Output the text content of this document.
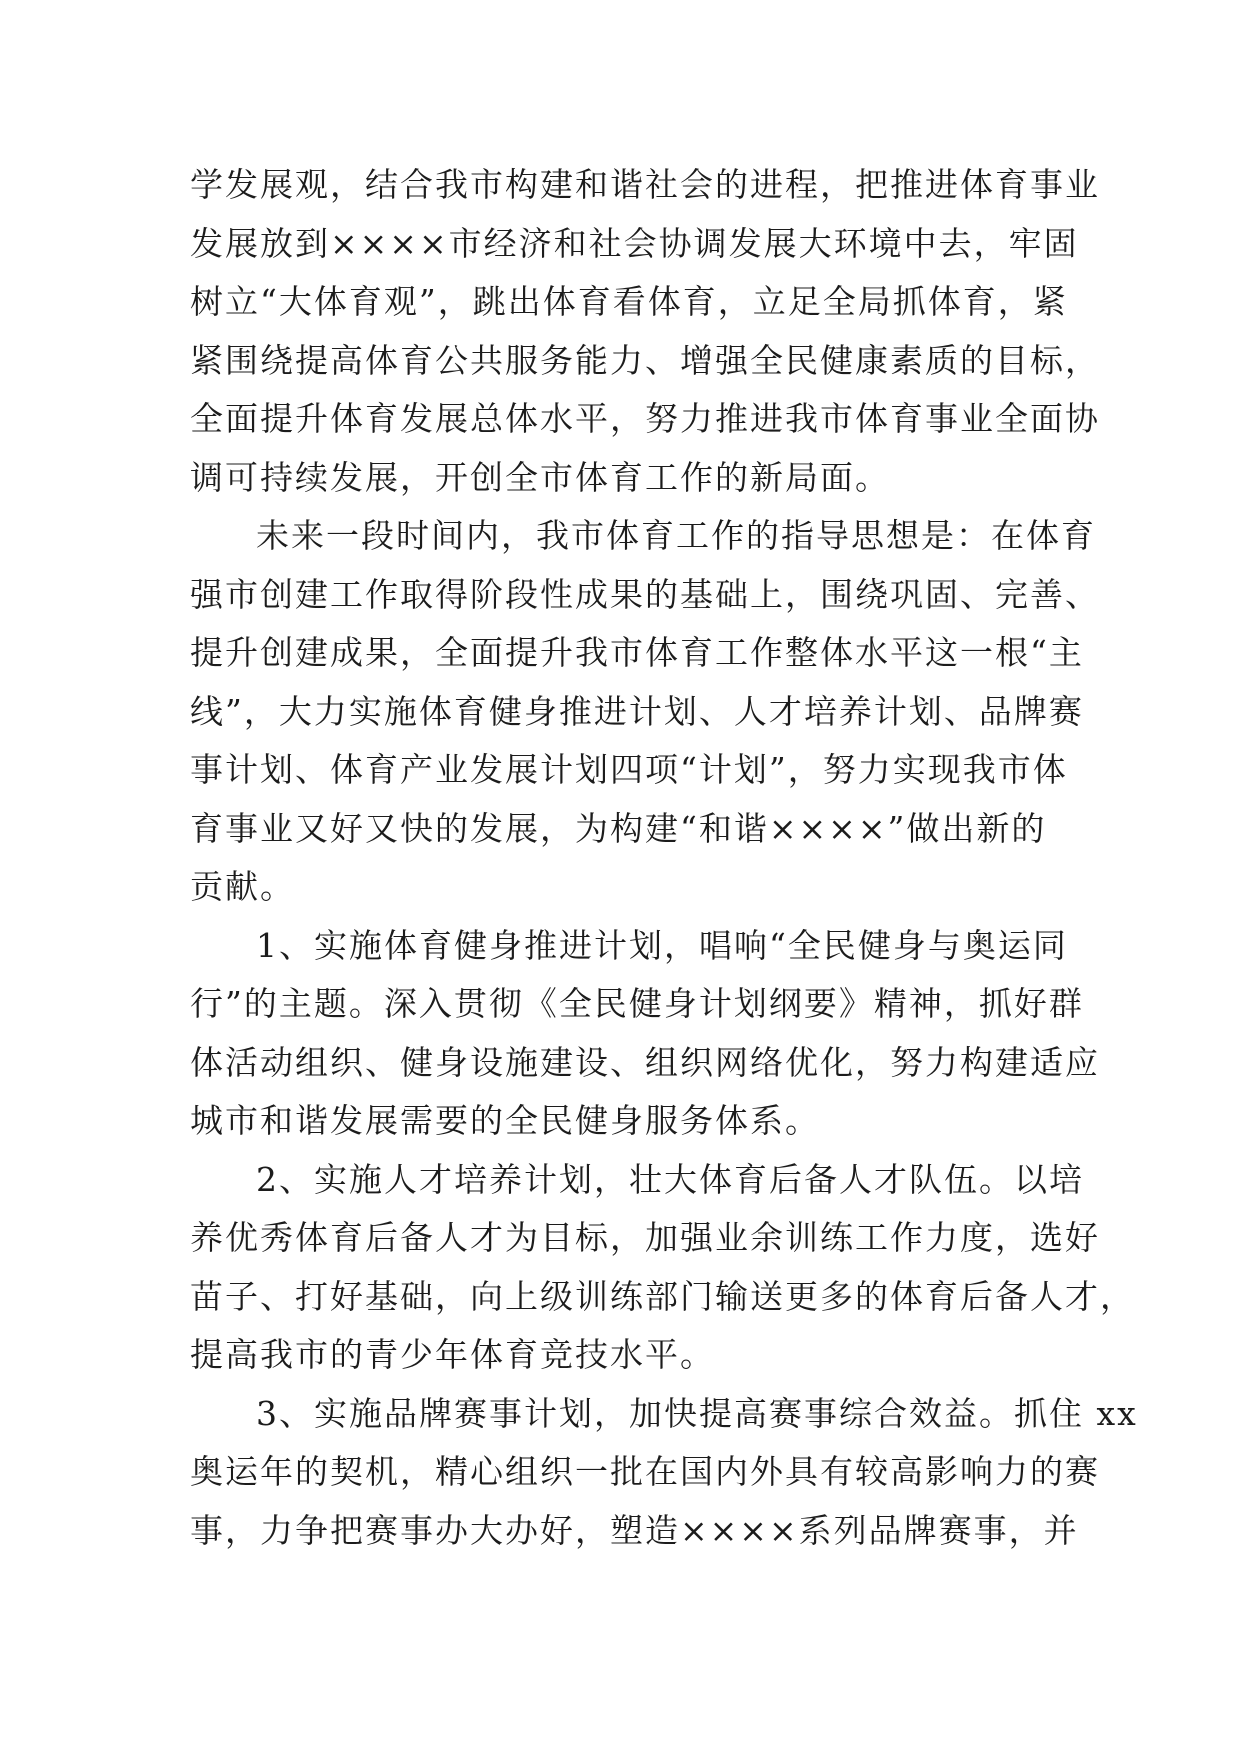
学发展观，结合我市构建和谐社会的进程，把推进体育事业
发展放到××××市经济和社会协调发展大环境中去，牢固
树立“大体育观”，跳出体育看体育，立足全局抓体育，紧
紧围绕提高体育公共服务能力、增强全民健康素质的目标，
全面提升体育发展总体水平，努力推进我市体育事业全面协
调可持续发展，开创全市体育工作的新局面。

未来一段时间内，我市体育工作的指导思想是：在体育
强市创建工作取得阶段性成果的基础上，围绕巩固、完善、
提升创建成果，全面提升我市体育工作整体水平这一根“主
线”，大力实施体育健身推进计划、人才培养计划、品牌赛
事计划、体育产业发展计划四项“计划”，努力实现我市体
育事业又好又快的发展，为构建“和谐××××”做出新的
贡献。

1、实施体育健身推进计划，唱响“全民健身与奥运同
行”的主题。深入贯彻《全民健身计划纲要》精神，抓好群
体活动组织、健身设施建设、组织网络优化，努力构建适应
城市和谐发展需要的全民健身服务体系。

2、实施人才培养计划，壮大体育后备人才队伍。以培
养优秀体育后备人才为目标，加强业余训练工作力度，选好
苗子、打好基础，向上级训练部门输送更多的体育后备人才，
提高我市的青少年体育竞技水平。

3、实施品牌赛事计划，加快提高赛事综合效益。抓住 xx
奥运年的契机，精心组织一批在国内外具有较高影响力的赛
事，力争把赛事办大办好，塑造××××系列品牌赛事，并
